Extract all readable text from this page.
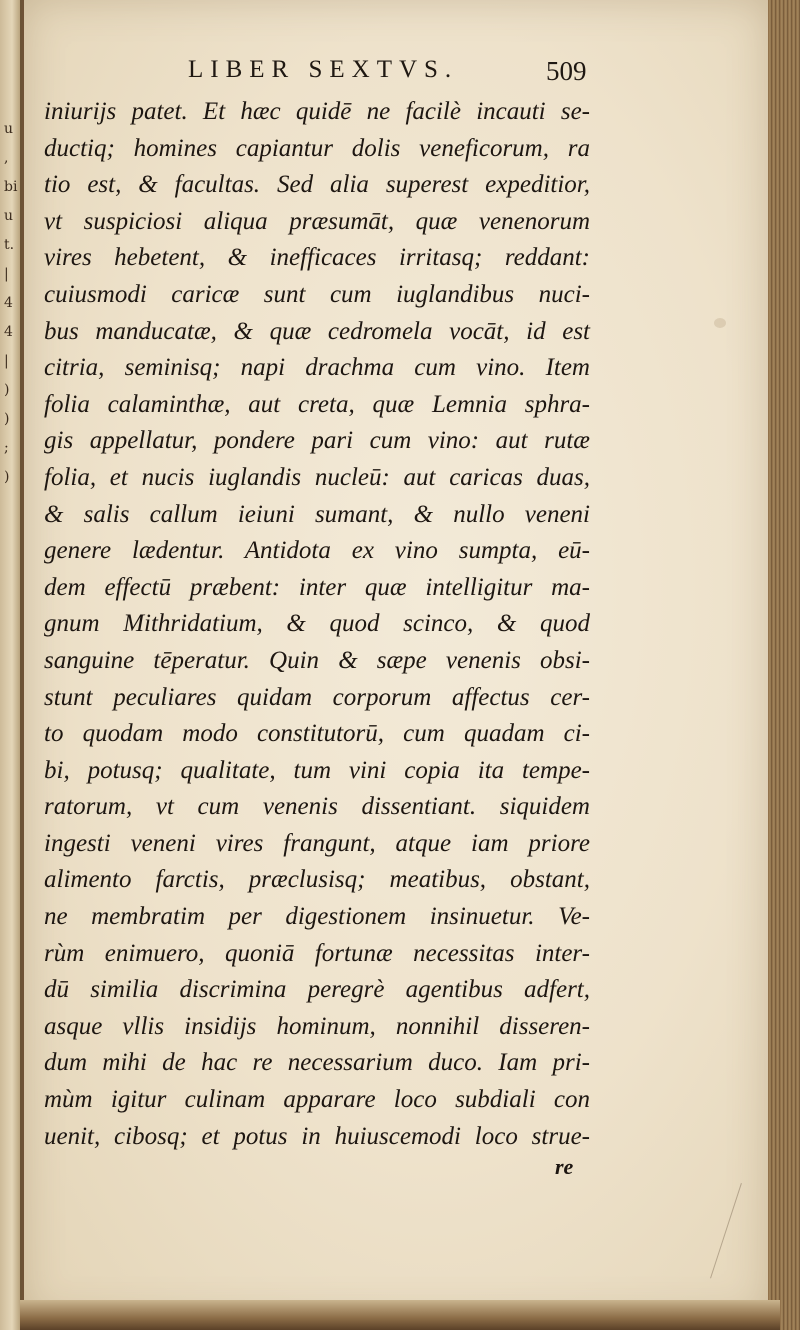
u
,
bi
u
t.
|
4
4
|
)
)
;
)
LIBER SEXTVS.	509
iniurijs patet. Et hæc quidē ne facilè incauti se-
ductiq; homines capiantur dolis veneficorum, ra
tio est, & facultas. Sed alia superest expeditior,
vt suspiciosi aliqua præsumāt, quæ venenorum
vires hebetent, & inefficaces irritasq; reddant:
cuiusmodi caricæ sunt cum iuglandibus nuci-
bus manducatæ, & quæ cedromela vocāt, id est
citria, seminisq; napi drachma cum vino. Item
folia calaminthæ, aut creta, quæ Lemnia sphra-
gis appellatur, pondere pari cum vino: aut rutæ
folia, et nucis iuglandis nucleū: aut caricas duas,
& salis callum ieiuni sumant, & nullo veneni
genere lædentur. Antidota ex vino sumpta, eū-
dem effectū præbent: inter quæ intelligitur ma-
gnum Mithridatium, & quod scinco, & quod
sanguine tēperatur. Quin & sæpe venenis obsi-
stunt peculiares quidam corporum affectus cer-
to quodam modo constitutorū, cum quadam ci-
bi, potusq; qualitate, tum vini copia ita tempe-
ratorum, vt cum venenis dissentiant. siquidem
ingesti veneni vires frangunt, atque iam priore
alimento farctis, præclusisq; meatibus, obstant,
ne membratim per digestionem insinuetur. Ve-
rùm enimuero, quoniā fortunæ necessitas inter-
dū similia discrimina peregrè agentibus adfert,
asque vllis insidijs hominum, nonnihil disseren-
dum mihi de hac re necessarium duco. Iam pri-
mùm igitur culinam apparare loco subdiali con
uenit, cibosq; et potus in huiuscemodi loco strue-
re
